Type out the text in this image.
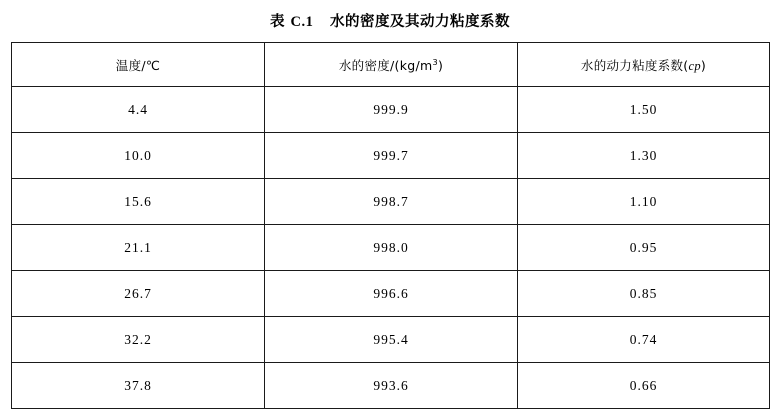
表 C.1 水的密度及其动力粘度系数
温度/℃	水的密度$/(kg/m^3)$	水的动力粘度系数(cp)
4.4	999.9	1.50
10.0	999.7	1.30
15.6	998.7	1.10
21.1	998.0	0.95
26.7	996.6	0.85
32.2	995.4	0.74
37.8	993.6	0.66
